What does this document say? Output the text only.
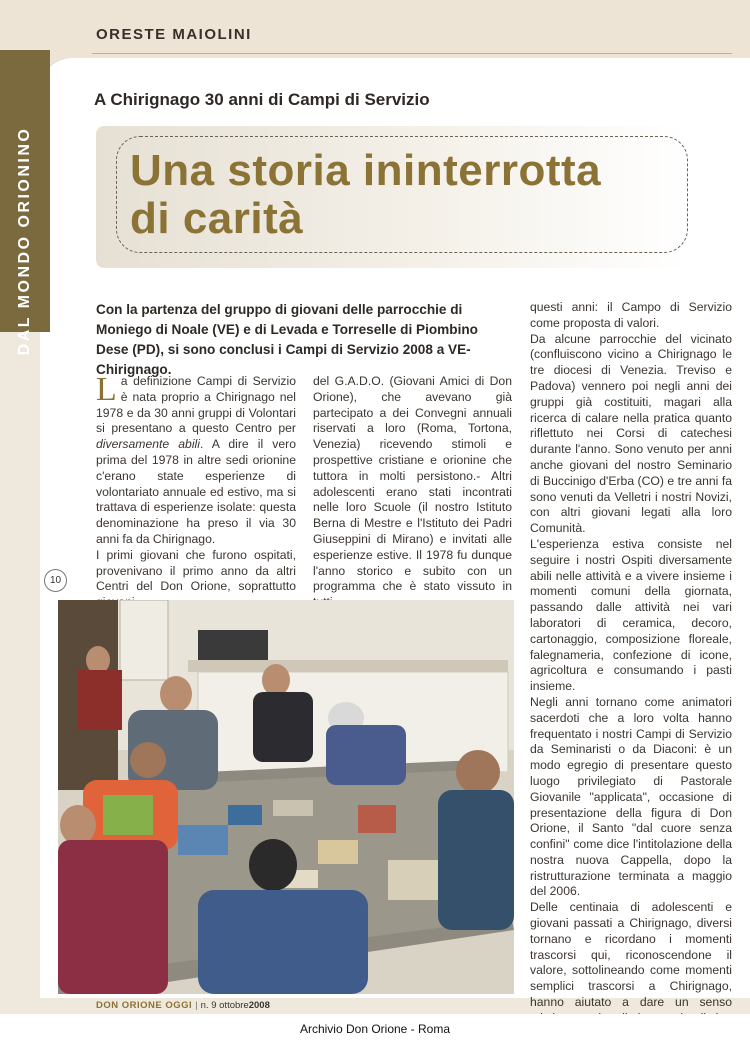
ORESTE MAIOLINI
DAL MONDO ORIONINO
A Chirignago 30 anni di Campi di Servizio
Una storia ininterrotta
di carità
Con la partenza del gruppo di giovani delle parrocchie di Moniego di Noale (VE) e di Levada e Torreselle di Piombino Dese (PD), si sono conclusi i Campi di Servizio 2008 a VE-Chirignago.

La definizione Campi di Servizio è nata proprio a Chirignago nel 1978 e da 30 anni gruppi di Volontari si presentano a questo Centro per diversamente abili. A dire il vero prima del 1978 in altre sedi orionine c'erano state esperienze di volontariato annuale ed estivo, ma si trattava di esperienze isolate: questa denominazione ha preso il via 30 anni fa da Chirignago.

I primi giovani che furono ospitati, provenivano il primo anno da altri Centri del Don Orione, soprattutto

del G.A.D.O. (Giovani Amici di Don Orione), che avevano già partecipato a dei Convegni annuali riservati a loro (Roma, Tortona, Venezia) ricevendo stimoli e prospettive cristiane e orionine che tuttora in molti persistono.- Altri adolescenti erano stati incontrati nelle loro Scuole (il nostro Istituto Berna di Mestre e l'Istituto dei Padri Giuseppini di Mirano) e invitati alle esperienze estive. Il 1978 fu dunque l'anno storico e subito con un programma che è stato vissuto in

questi anni: il Campo di Servizio come proposta di valori.

Da alcune parrocchie del vicinato (confluiscono vicino a Chirignago le tre diocesi di Venezia. Treviso e Padova) vennero poi negli anni dei gruppi già costituiti, magari alla ricerca di calare nella pratica quanto riflettuto nei Corsi di catechesi durante l'anno. Sono venuto per anni anche giovani del nostro Seminario di Buccinigo d'Erba (CO) e tre anni fa sono venuti da Velletri i nostri Novizi, con altri giovani legati alla loro Comunità.

L'esperienza estiva consiste nel seguire i nostri Ospiti diversamente abili nelle attività e a vivere insieme i momenti comuni della giornata, passando dalle attività nei vari laboratori di ceramica, decoro, cartonaggio, composizione floreale, falegnameria, confezione di icone, agricoltura e consumando i pasti insieme.

Negli anni tornano come animatori sacerdoti che a loro volta hanno frequentato i nostri Campi di Servizio da Seminaristi o da Diaconi: è un modo egregio di presentare questo luogo privilegiato di Pastorale Giovanile "applicata", occasione di presentazione della figura di Don Orione, il Santo "dal cuore senza confini" come dice l'intitolazione della nostra nuova Cappella, dopo la ristrutturazione terminata a maggio del 2006.

Delle centinaia di adolescenti e giovani passati a Chirignago, diversi tornano e ricordano i momenti trascorsi qui, riconoscendone il valore, sottolineando come momenti semplici trascorsi a Chirignago, hanno aiutato a dare un senso

10
DON ORIONE OGGI | n. 9 ottobre2008
Archivio Don Orione - Roma
